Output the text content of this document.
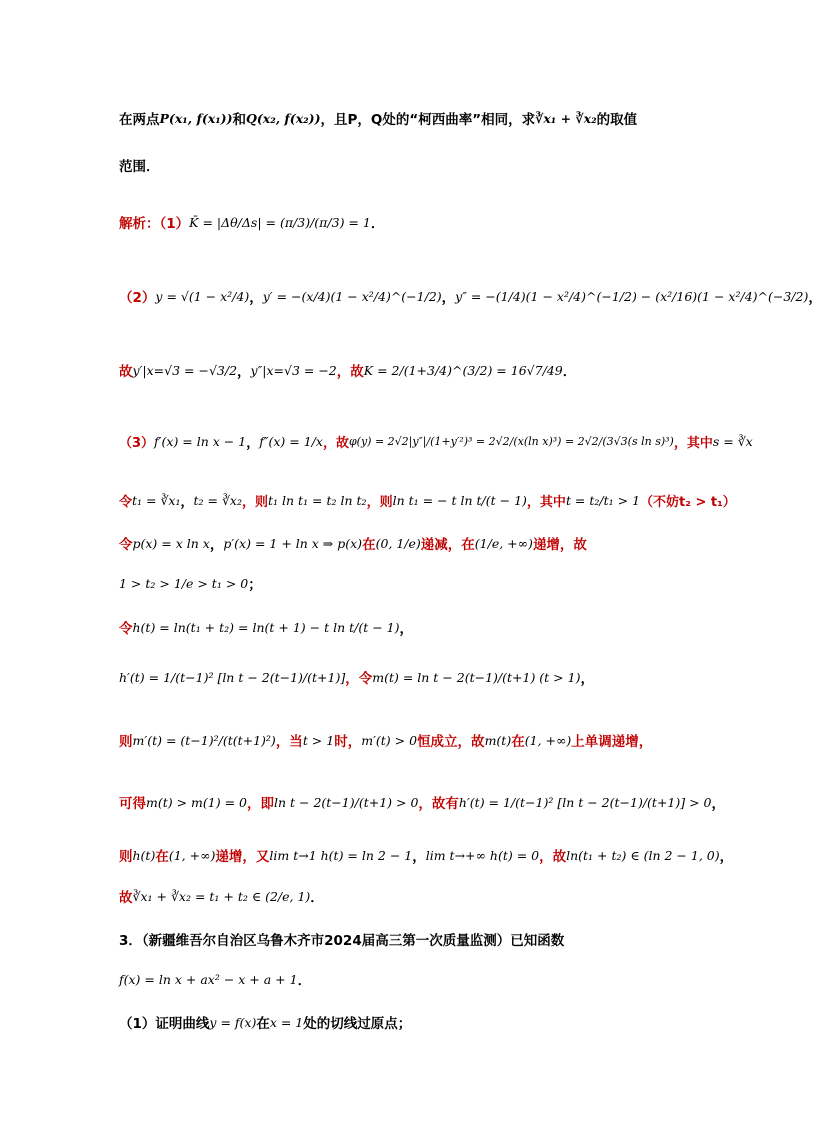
在两点 P(x₁, f(x₁)) 和 Q(x₂, f(x₂)) ，且P，Q处的“柯西曲率”相同，求 ∛x₁ + ∛x₂ 的取值
范围．
解析：（1） K̄ = |Δθ/Δs| = (π/3)/(π/3) = 1 ．
（2） y = √(1 − x²/4) ， y′ = −(x/4)(1 − x²/4)^(−1/2) ， y″ = −(1/4)(1 − x²/4)^(−1/2) − (x²/16)(1 − x²/4)^(−3/2) ，
故 y′|x=√3 = −√3/2 ， y″|x=√3 = −2 ，故 K = 2/(1+3/4)^(3/2) = 16√7/49 ．
（3） f′(x) = ln x − 1 ， f″(x) = 1/x ，故 φ(y) = 2√2|y″|/(1+y′²)³ = 2√2/(x(ln x)³) = 2√2/(3√3(s ln s)³) ，其中 s = ∛x
令 t₁ = ∛x₁ ， t₂ = ∛x₂ ，则 t₁ ln t₁ = t₂ ln t₂ ，则 ln t₁ = − t ln t/(t − 1) ，其中 t = t₂/t₁ > 1 （不妨t₂ > t₁）
令 p(x) = x ln x ， p′(x) = 1 + ln x ⇒ p(x) 在 (0, 1/e) 递减，在 (1/e, +∞) 递增，故
1 > t₂ > 1/e > t₁ > 0 ；
令 h(t) = ln(t₁ + t₂) = ln(t + 1) − t ln t/(t − 1) ，
h′(t) = 1/(t−1)² [ln t − 2(t−1)/(t+1)] ，令 m(t) = ln t − 2(t−1)/(t+1) (t > 1) ，
则 m′(t) = (t−1)²/(t(t+1)²) ，当 t > 1 时， m′(t) > 0 恒成立，故 m(t) 在 (1, +∞) 上单调递增，
可得 m(t) > m(1) = 0 ，即 ln t − 2(t−1)/(t+1) > 0 ，故有 h′(t) = 1/(t−1)² [ln t − 2(t−1)/(t+1)] > 0 ，
则 h(t) 在 (1, +∞) 递增，又 lim t→1 h(t) = ln 2 − 1 ， lim t→+∞ h(t) = 0 ，故 ln(t₁ + t₂) ∈ (ln 2 − 1, 0) ，
故 ∛x₁ + ∛x₂ = t₁ + t₂ ∈ (2/e, 1) ．
3．（新疆维吾尔自治区乌鲁木齐市2024届高三第一次质量监测）已知函数
f(x) = ln x + ax² − x + a + 1 ．
（1）证明曲线 y = f(x) 在 x = 1 处的切线过原点；
